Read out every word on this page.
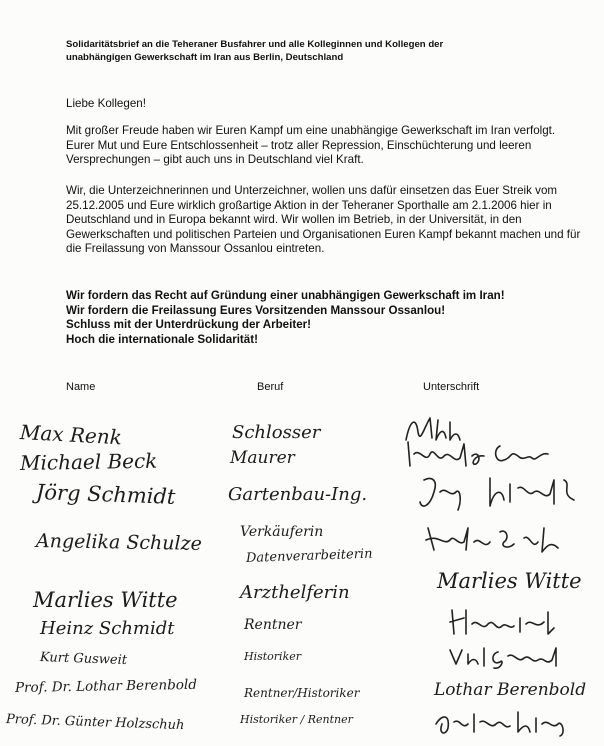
Solidaritätsbrief an die Teheraner Busfahrer und alle Kolleginnen und Kollegen der
unabhängigen Gewerkschaft im Iran aus Berlin, Deutschland
Liebe Kollegen!
Mit großer Freude haben wir Euren Kampf um eine unabhängige Gewerkschaft im Iran verfolgt. Eurer Mut und Eure Entschlossenheit – trotz aller Repression, Einschüchterung und leeren Versprechungen – gibt auch uns in Deutschland viel Kraft.
Wir, die Unterzeichnerinnen und Unterzeichner, wollen uns dafür einsetzen das Euer Streik vom 25.12.2005 und Eure wirklich großartige Aktion in der Teheraner Sporthalle am 2.1.2006 hier in Deutschland und in Europa bekannt wird. Wir wollen im Betrieb, in der Universität, in den Gewerkschaften und politischen Parteien und Organisationen Euren Kampf bekannt machen und für die Freilassung von Manssour Ossanlou eintreten.
Wir fordern das Recht auf Gründung einer unabhängigen Gewerkschaft im Iran!
Wir fordern die Freilassung Eures Vorsitzenden Manssour Ossanlou!
Schluss mit der Unterdrückung der Arbeiter!
Hoch die internationale Solidarität!
Name	Beruf	Unterschrift
Max Renk
Michael Beck
Jörg Schmidt
Angelika Schulze
Marlies Witte
Heinz Schmidt
Kurt Gusweit
Prof. Dr. Lothar Berenbold
Prof. Dr. Günter Holzschuh
Schlosser
Maurer
Gartenbau-Ing.
Verkäuferin
Datenverarbeiterin
Arzthelferin
Rentner
Historiker
Rentner/Historiker
Historiker / Rentner
Marlies Witte
Lothar Berenbold
